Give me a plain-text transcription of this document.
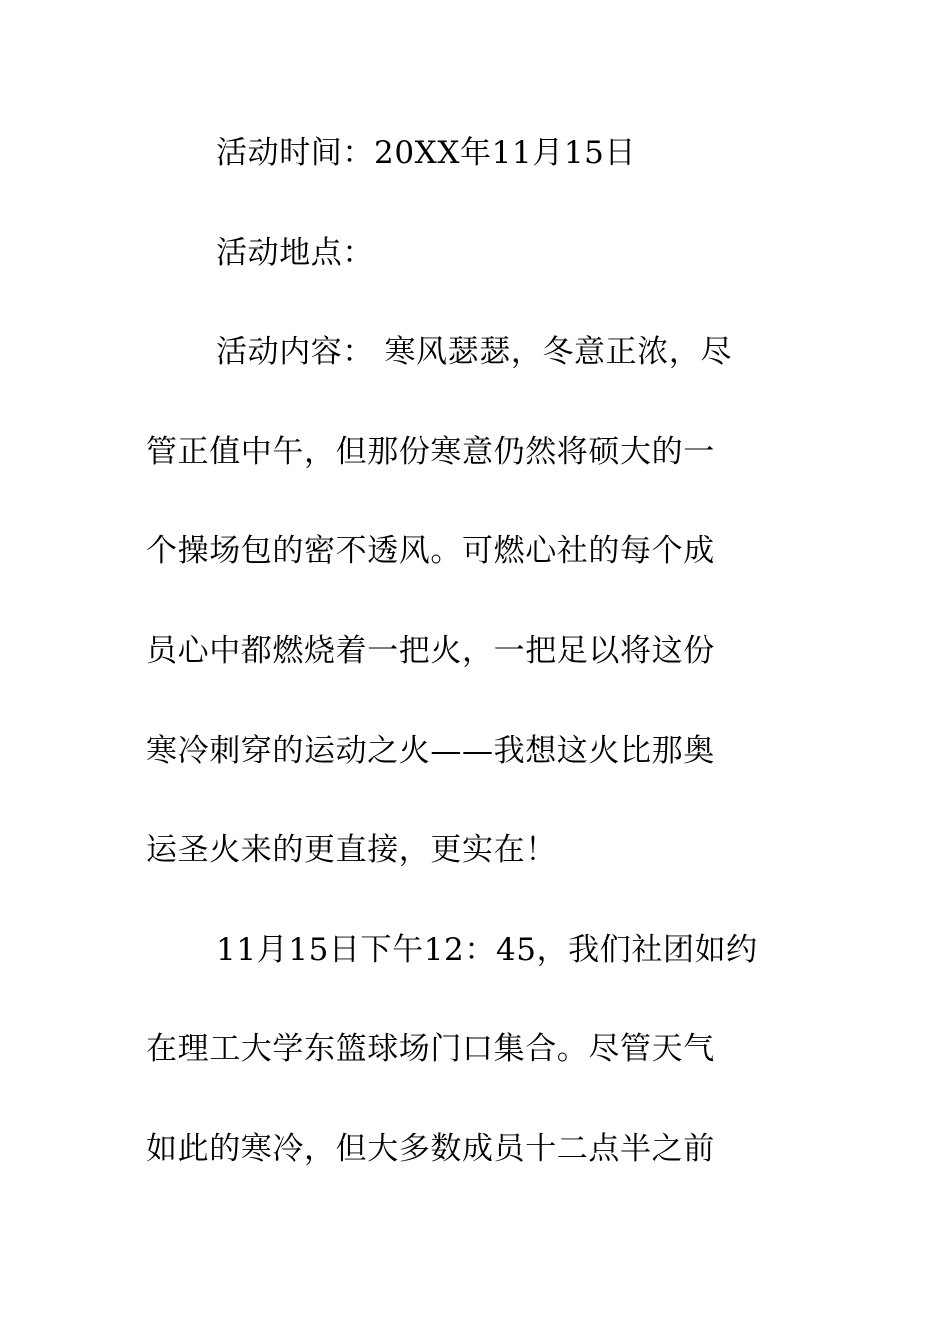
活动时间：20XX年11月15日
活动地点：
活动内容： 寒风瑟瑟，冬意正浓，尽
管正值中午，但那份寒意仍然将硕大的一
个操场包的密不透风。可燃心社的每个成
员心中都燃烧着一把火，一把足以将这份
寒冷刺穿的运动之火——我想这火比那奥
运圣火来的更直接，更实在！
11月15日下午12：45，我们社团如约
在理工大学东篮球场门口集合。尽管天气
如此的寒冷，但大多数成员十二点半之前
